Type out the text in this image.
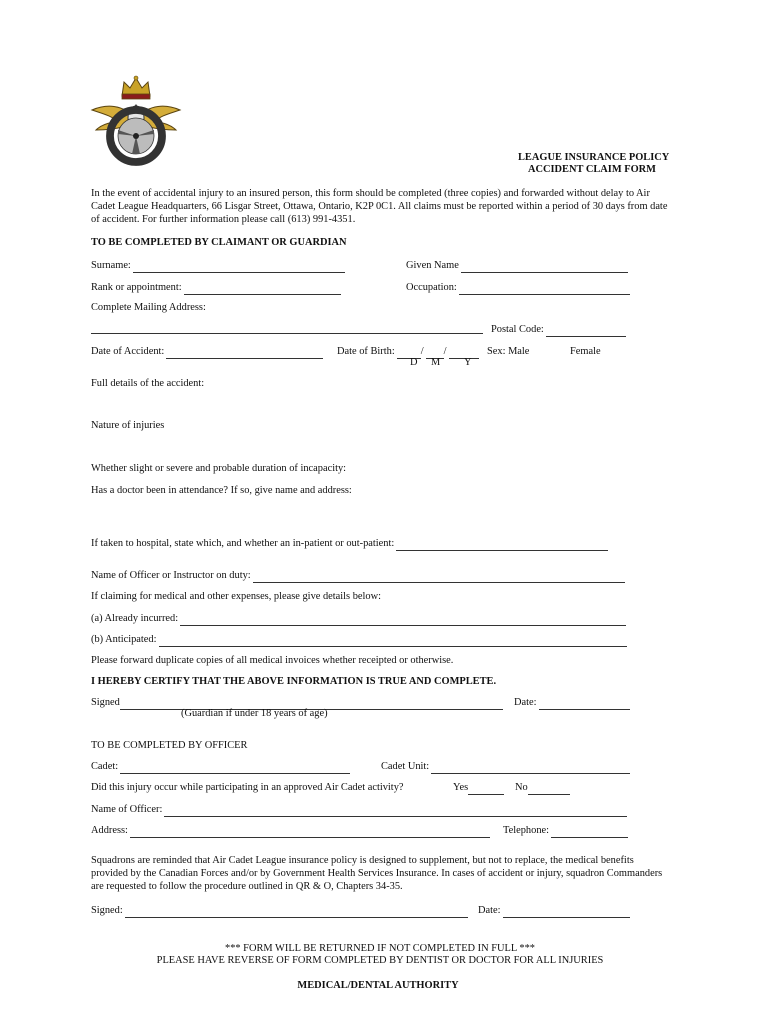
LEAGUE INSURANCE POLICY
ACCIDENT CLAIM FORM
In the event of accidental injury to an insured person, this form should be completed (three copies) and forwarded without delay to Air Cadet League Headquarters, 66 Lisgar Street, Ottawa, Ontario, K2P 0C1. All claims must be reported within a period of 30 days from date of accident. For further information please call (613) 991-4351.
TO BE COMPLETED BY CLAIMANT OR GUARDIAN
Surname:	Given Name
Rank or appointment:	Occupation:
Complete Mailing Address:
Postal Code:
Date of Accident:	Date of Birth:	/ /	Sex: Male	Female
D M Y
Full details of the accident:
Nature of injuries
Whether slight or severe and probable duration of incapacity:
Has a doctor been in attendance? If so, give name and address:
If taken to hospital, state which, and whether an in-patient or out-patient:
Name of Officer or Instructor on duty:
If claiming for medical and other expenses, please give details below:
(a) Already incurred:
(b) Anticipated:
Please forward duplicate copies of all medical invoices whether receipted or otherwise.
I HEREBY CERTIFY THAT THE ABOVE INFORMATION IS TRUE AND COMPLETE.
Signed	Date:
(Guardian if under 18 years of age)
TO BE COMPLETED BY OFFICER
Cadet:	Cadet Unit:
Did this injury occur while participating in an approved Air Cadet activity?	Yes	No
Name of Officer:
Address:	Telephone:
Squadrons are reminded that Air Cadet League insurance policy is designed to supplement, but not to replace, the medical benefits provided by the Canadian Forces and/or by Government Health Services Insurance. In cases of accident or injury, squadron Commanders are requested to follow the procedure outlined in QR & O, Chapters 34-35.
Signed:	Date:
*** FORM WILL BE RETURNED IF NOT COMPLETED IN FULL ***
PLEASE HAVE REVERSE OF FORM COMPLETED BY DENTIST OR DOCTOR FOR ALL INJURIES
MEDICAL/DENTAL AUTHORITY
